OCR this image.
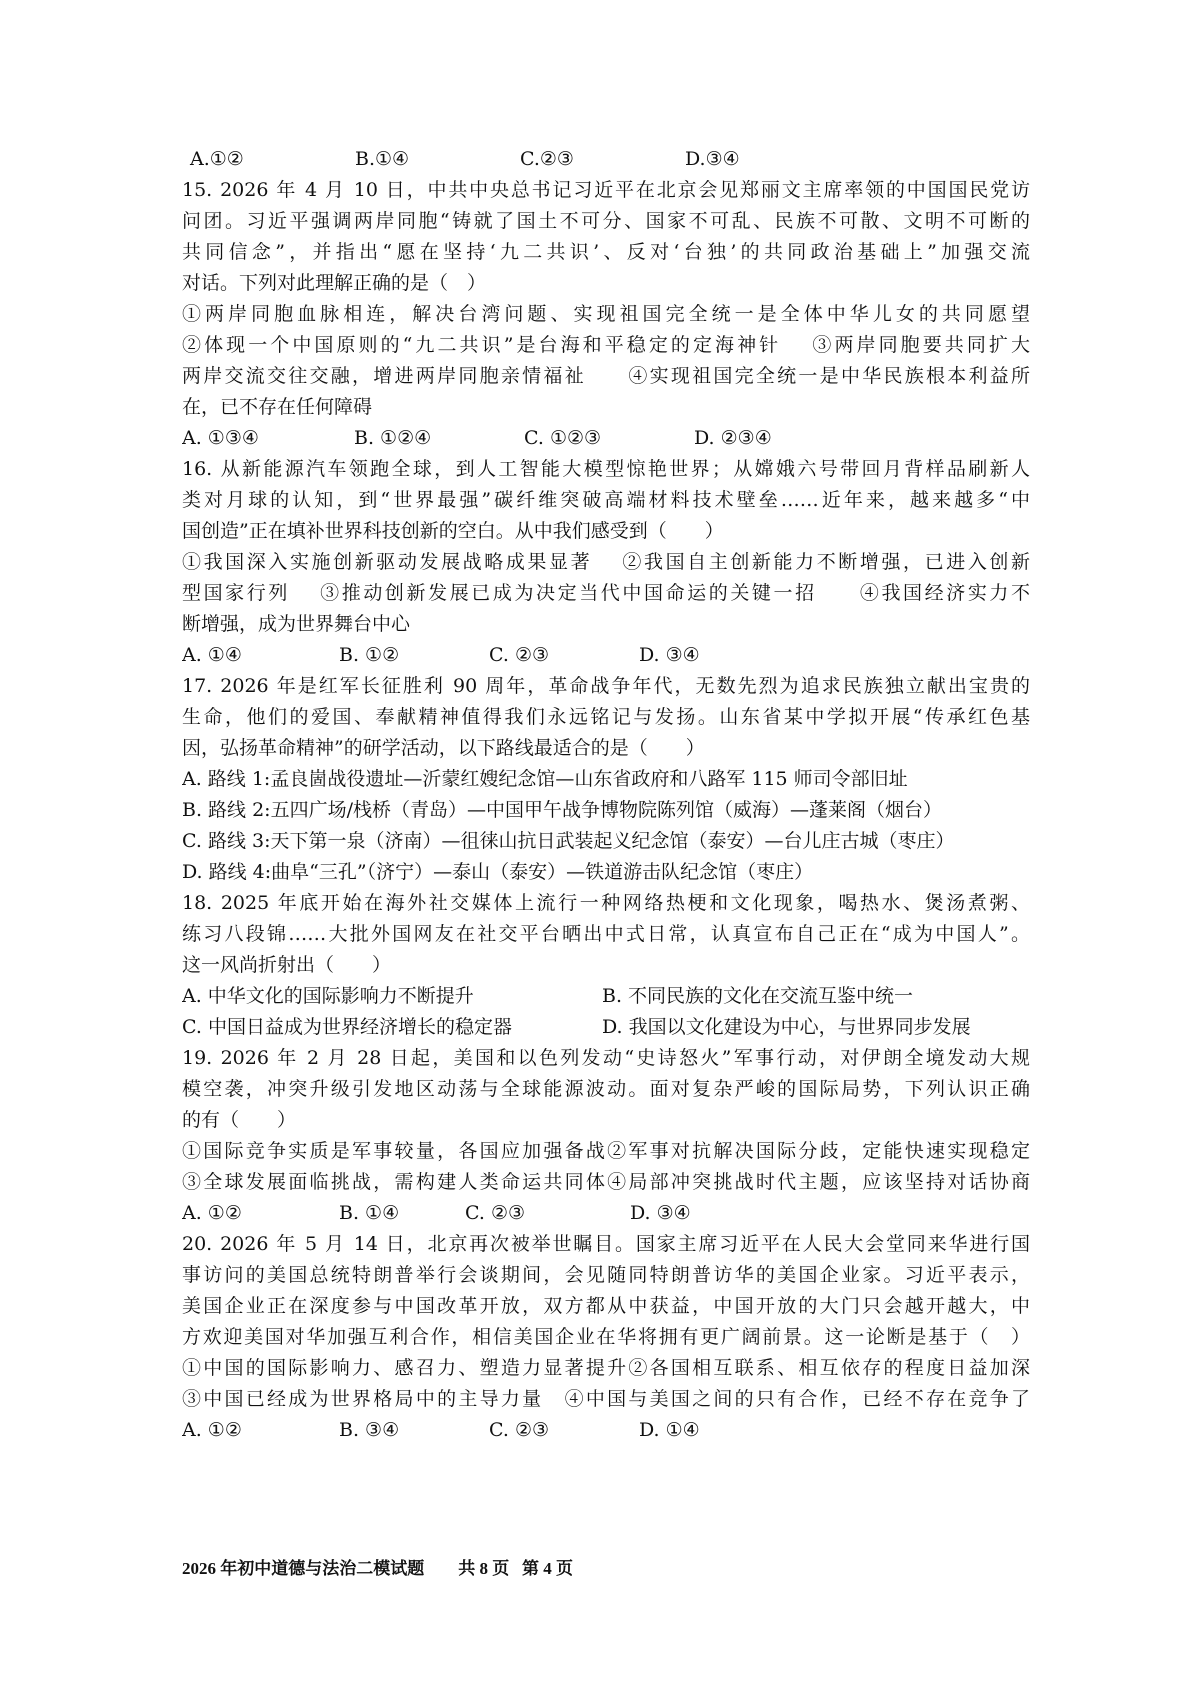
A.①②	B.①④	C.②③	D.③④
15. 2026 年 4 月 10 日，中共中央总书记习近平在北京会见郑丽文主席率领的中国国民党访
问团。习近平强调两岸同胞“铸就了国土不可分、国家不可乱、民族不可散、文明不可断的
共同信念”，并指出“愿在坚持‘九二共识’、反对‘台独’的共同政治基础上”加强交流
对话。下列对此理解正确的是（　）
①两岸同胞血脉相连，解决台湾问题、实现祖国完全统一是全体中华儿女的共同愿望
②体现一个中国原则的“九二共识”是台海和平稳定的定海神针　 ③两岸同胞要共同扩大
两岸交流交往交融，增进两岸同胞亲情福祉　　④实现祖国完全统一是中华民族根本利益所
在，已不存在任何障碍
A. ①③④	B. ①②④	C. ①②③	D. ②③④
16. 从新能源汽车领跑全球，到人工智能大模型惊艳世界；从嫦娥六号带回月背样品刷新人
类对月球的认知，到“世界最强”碳纤维突破高端材料技术壁垒……近年来，越来越多“中
国创造”正在填补世界科技创新的空白。从中我们感受到（　　）
①我国深入实施创新驱动发展战略成果显著　 ②我国自主创新能力不断增强，已进入创新
型国家行列　 ③推动创新发展已成为决定当代中国命运的关键一招　　④我国经济实力不
断增强，成为世界舞台中心
A. ①④	B. ①②	C. ②③	D. ③④
17. 2026 年是红军长征胜利 90 周年，革命战争年代，无数先烈为追求民族独立献出宝贵的
生命，他们的爱国、奉献精神值得我们永远铭记与发扬。山东省某中学拟开展“传承红色基
因，弘扬革命精神”的研学活动，以下路线最适合的是（　　）
A. 路线 1:孟良崮战役遗址—沂蒙红嫂纪念馆—山东省政府和八路军 115 师司令部旧址
B. 路线 2:五四广场/栈桥（青岛）—中国甲午战争博物院陈列馆（威海）—蓬莱阁（烟台）
C. 路线 3:天下第一泉（济南）—徂徕山抗日武装起义纪念馆（泰安）—台儿庄古城（枣庄）
D. 路线 4:曲阜“三孔”（济宁）—泰山（泰安）—铁道游击队纪念馆（枣庄）
18. 2025 年底开始在海外社交媒体上流行一种网络热梗和文化现象，喝热水、煲汤煮粥、
练习八段锦……大批外国网友在社交平台晒出中式日常，认真宣布自己正在“成为中国人”。
这一风尚折射出（　　）
A. 中华文化的国际影响力不断提升	B. 不同民族的文化在交流互鉴中统一
C. 中国日益成为世界经济增长的稳定器	D. 我国以文化建设为中心，与世界同步发展
19. 2026 年 2 月 28 日起，美国和以色列发动“史诗怒火”军事行动，对伊朗全境发动大规
模空袭，冲突升级引发地区动荡与全球能源波动。面对复杂严峻的国际局势，下列认识正确
的有（　　）
①国际竞争实质是军事较量，各国应加强备战②军事对抗解决国际分歧，定能快速实现稳定
③全球发展面临挑战，需构建人类命运共同体④局部冲突挑战时代主题，应该坚持对话协商
A. ①②	B. ①④	C. ②③	D. ③④
20. 2026 年 5 月 14 日，北京再次被举世瞩目。国家主席习近平在人民大会堂同来华进行国
事访问的美国总统特朗普举行会谈期间，会见随同特朗普访华的美国企业家。习近平表示，
美国企业正在深度参与中国改革开放，双方都从中获益，中国开放的大门只会越开越大，中
方欢迎美国对华加强互利合作，相信美国企业在华将拥有更广阔前景。这一论断是基于（　）
①中国的国际影响力、感召力、塑造力显著提升②各国相互联系、相互依存的程度日益加深
③中国已经成为世界格局中的主导力量　④中国与美国之间的只有合作，已经不存在竞争了
A. ①②	B. ③④	C. ②③	D. ①④
2026 年初中道德与法治二模试题 共 8 页 第 4 页
